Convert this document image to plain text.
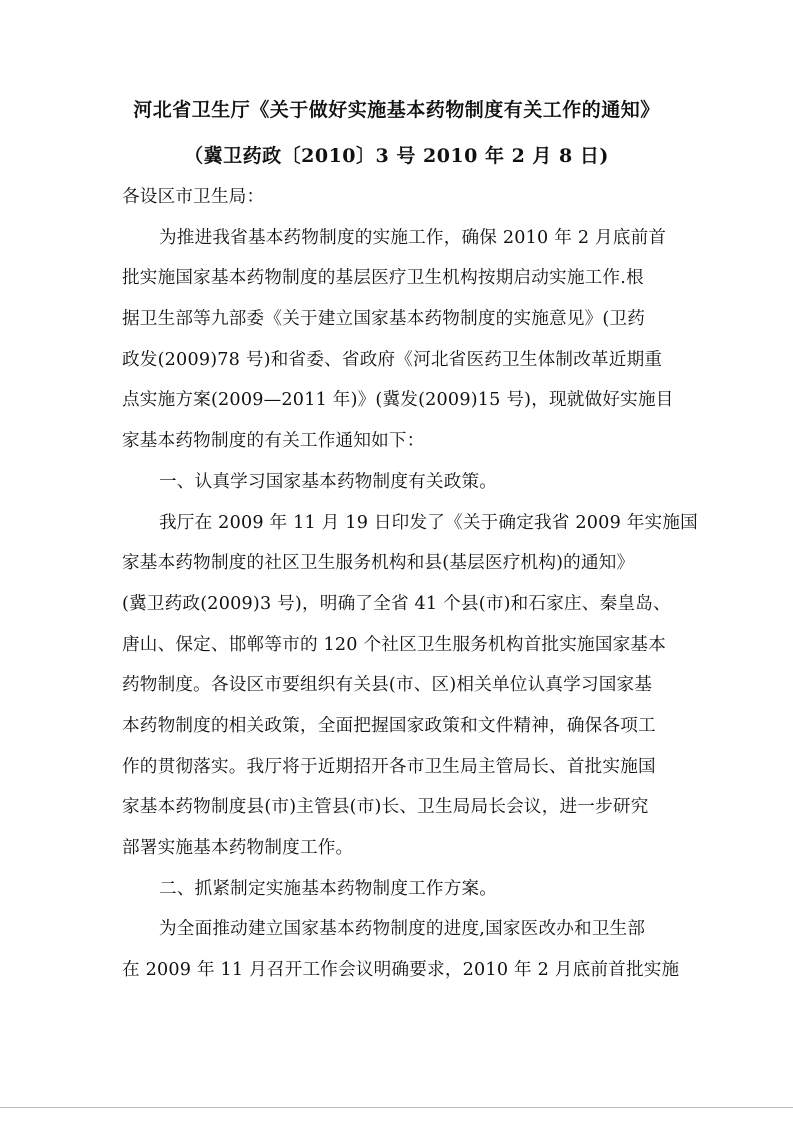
河北省卫生厅《关于做好实施基本药物制度有关工作的通知》
（冀卫药政〔2010〕3 号 2010 年 2 月 8 日)
各设区市卫生局：
为推进我省基本药物制度的实施工作，确保 2010 年 2 月底前首
批实施国家基本药物制度的基层医疗卫生机构按期启动实施工作.根
据卫生部等九部委《关于建立国家基本药物制度的实施意见》(卫药
政发(2009)78 号)和省委、省政府《河北省医药卫生体制改革近期重
点实施方案(2009—2011 年)》(冀发(2009)15 号)，现就做好实施目
家基本药物制度的有关工作通知如下：
一、认真学习国家基本药物制度有关政策。
我厅在 2009 年 11 月 19 日印发了《关于确定我省 2009 年实施国
家基本药物制度的社区卫生服务机构和县(基层医疗机构)的通知》
(冀卫药政(2009)3 号)，明确了全省 41 个县(市)和石家庄、秦皇岛、
唐山、保定、邯郸等市的 120 个社区卫生服务机构首批实施国家基本
药物制度。各设区市要组织有关县(市、区)相关单位认真学习国家基
本药物制度的相关政策，全面把握国家政策和文件精神，确保各项工
作的贯彻落实。我厅将于近期招开各市卫生局主管局长、首批实施国
家基本药物制度县(市)主管县(市)长、卫生局局长会议，进一步研究
部署实施基本药物制度工作。
二、抓紧制定实施基本药物制度工作方案。
为全面推动建立国家基本药物制度的进度,国家医改办和卫生部
在 2009 年 11 月召开工作会议明确要求，2010 年 2 月底前首批实施
